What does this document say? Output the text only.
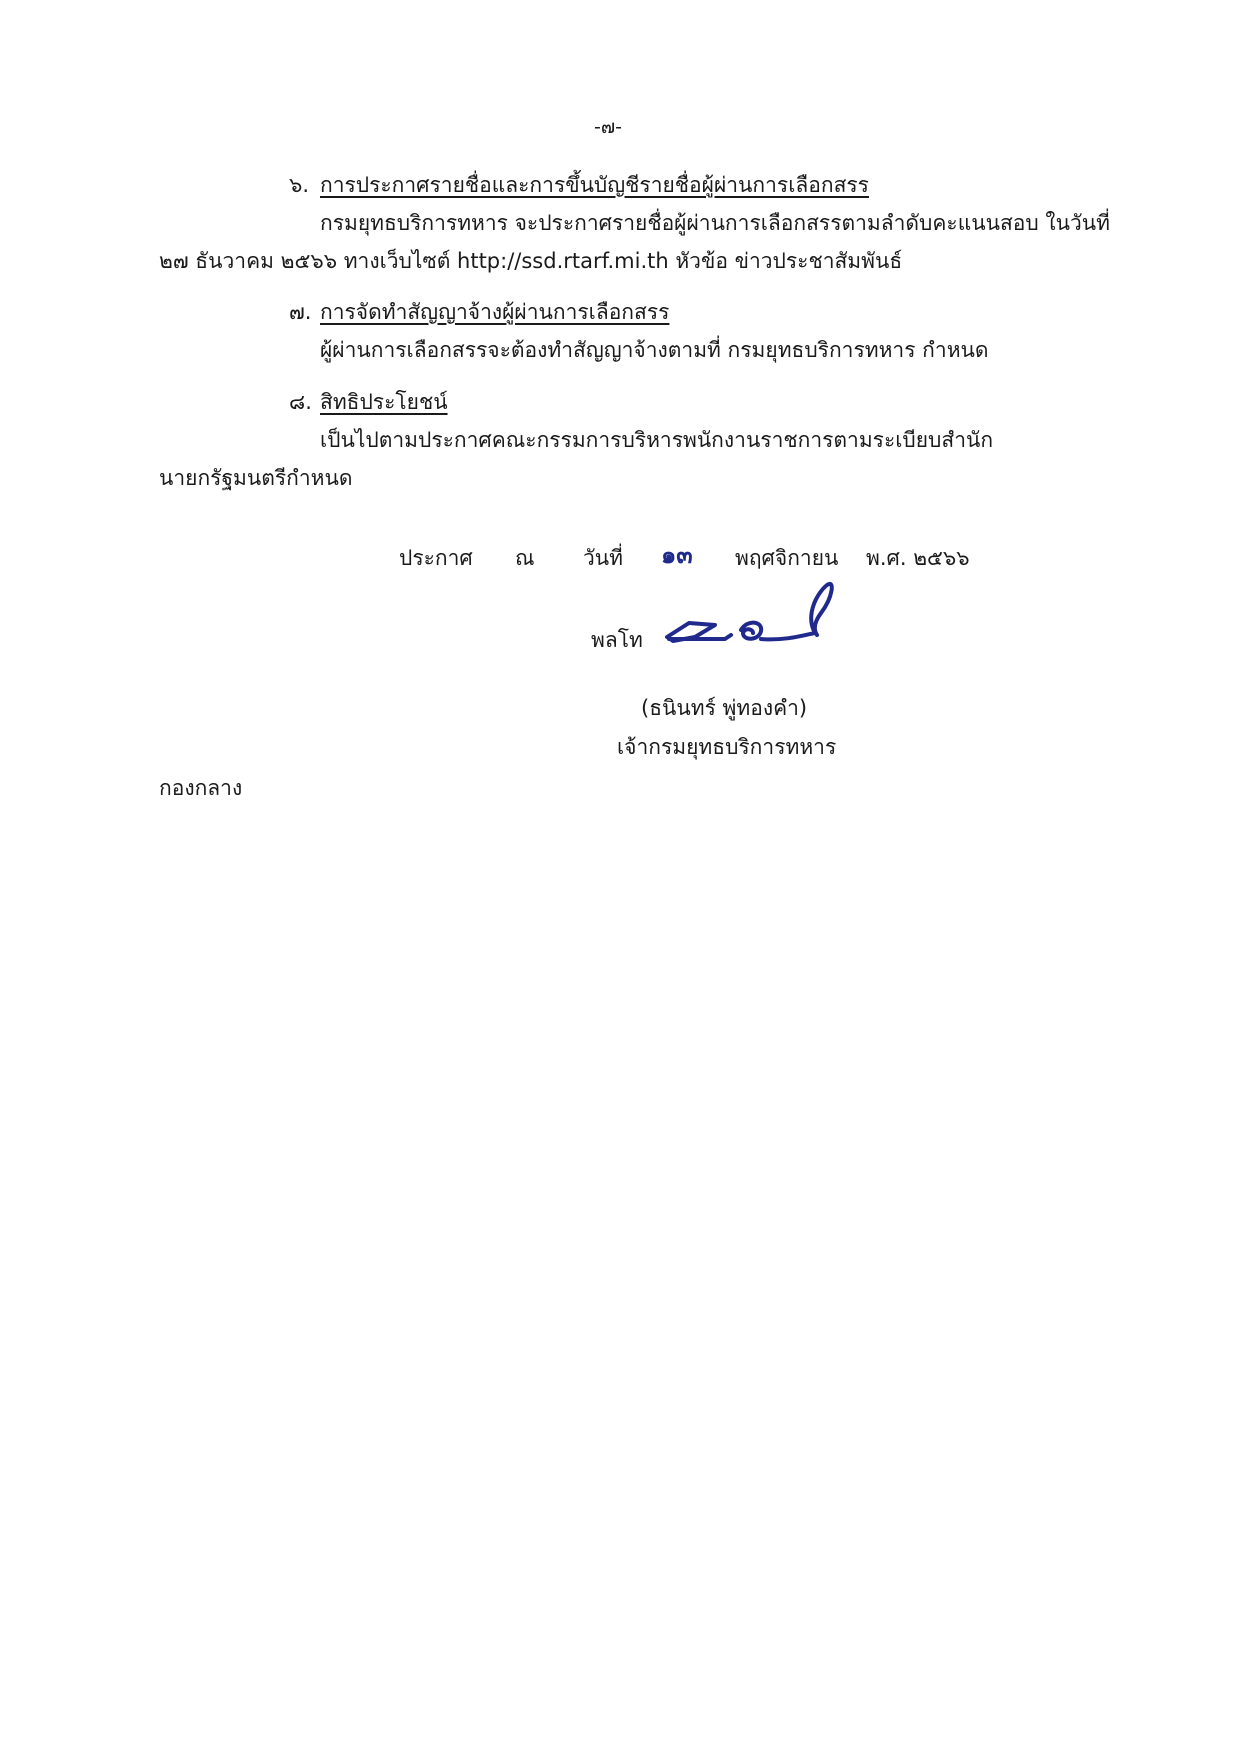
-๗-
๖. การประกาศรายชื่อและการขึ้นบัญชีรายชื่อผู้ผ่านการเลือกสรร
กรมยุทธบริการทหาร จะประกาศรายชื่อผู้ผ่านการเลือกสรรตามลำดับคะแนนสอบ ในวันที่
๒๗ ธันวาคม ๒๕๖๖ ทางเว็บไซต์ http://ssd.rtarf.mi.th หัวข้อ ข่าวประชาสัมพันธ์
๗. การจัดทำสัญญาจ้างผู้ผ่านการเลือกสรร
ผู้ผ่านการเลือกสรรจะต้องทำสัญญาจ้างตามที่ กรมยุทธบริการทหาร กำหนด
๘. สิทธิประโยชน์
เป็นไปตามประกาศคณะกรรมการบริหารพนักงานราชการตามระเบียบสำนัก
นายกรัฐมนตรีกำหนด
ประกาศ ณ วันที่ ๑๓ พฤศจิกายน พ.ศ. ๒๕๖๖
พลโท
(ธนินทร์ พู่ทองคำ)
เจ้ากรมยุทธบริการทหาร
กองกลาง
